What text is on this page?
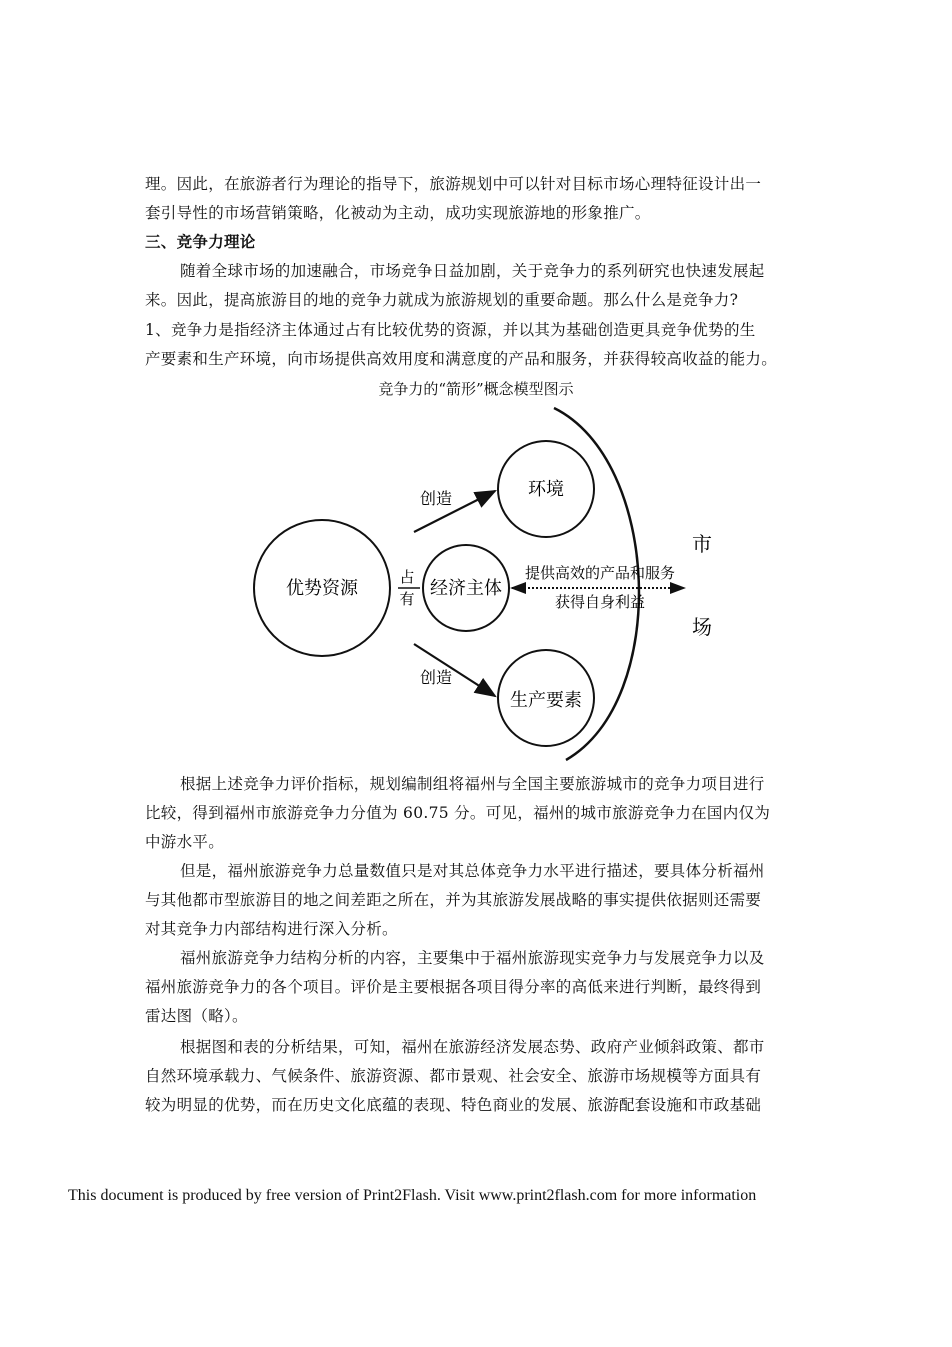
理。因此，在旅游者行为理论的指导下，旅游规划中可以针对目标市场心理特征设计出一
套引导性的市场营销策略，化被动为主动，成功实现旅游地的形象推广。
三、竞争力理论
随着全球市场的加速融合，市场竞争日益加剧，关于竞争力的系列研究也快速发展起
来。因此，提高旅游目的地的竞争力就成为旅游规划的重要命题。那么什么是竞争力?
1、竞争力是指经济主体通过占有比较优势的资源，并以其为基础创造更具竞争优势的生
产要素和生产环境，向市场提供高效用度和满意度的产品和服务，并获得较高收益的能力。
竞争力的“箭形”概念模型图示
优势资源	经济主体
环境
生产要素
创造
创造
占
有
提供高效的产品和服务
获得自身利益
市
场
根据上述竞争力评价指标，规划编制组将福州与全国主要旅游城市的竞争力项目进行
比较，得到福州市旅游竞争力分值为 60.75 分。可见，福州的城市旅游竞争力在国内仅为
中游水平。
但是，福州旅游竞争力总量数值只是对其总体竞争力水平进行描述，要具体分析福州
与其他都市型旅游目的地之间差距之所在，并为其旅游发展战略的事实提供依据则还需要
对其竞争力内部结构进行深入分析。
福州旅游竞争力结构分析的内容，主要集中于福州旅游现实竞争力与发展竞争力以及
福州旅游竞争力的各个项目。评价是主要根据各项目得分率的高低来进行判断，最终得到
雷达图（略）。
根据图和表的分析结果，可知，福州在旅游经济发展态势、政府产业倾斜政策、都市
自然环境承载力、气候条件、旅游资源、都市景观、社会安全、旅游市场规模等方面具有
较为明显的优势，而在历史文化底蕴的表现、特色商业的发展、旅游配套设施和市政基础
This document is produced by free version of Print2Flash. Visit www.print2flash.com for more information
